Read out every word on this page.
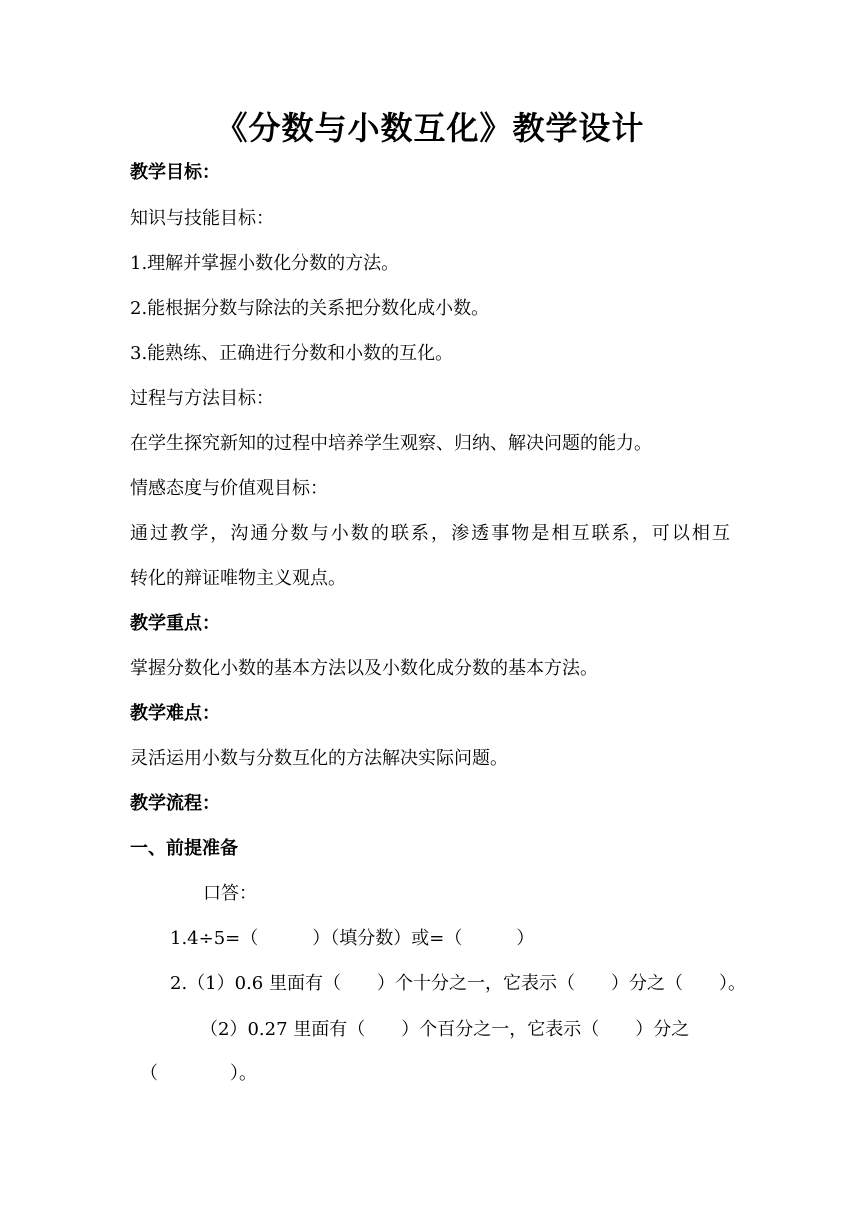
《分数与小数互化》教学设计
教学目标：
知识与技能目标：
1.理解并掌握小数化分数的方法。
2.能根据分数与除法的关系把分数化成小数。
3.能熟练、正确进行分数和小数的互化。
过程与方法目标：
在学生探究新知的过程中培养学生观察、归纳、解决问题的能力。
情感态度与价值观目标：
通过教学，沟通分数与小数的联系，渗透事物是相互联系，可以相互
转化的辩证唯物主义观点。
教学重点：
掌握分数化小数的基本方法以及小数化成分数的基本方法。
教学难点：
灵活运用小数与分数互化的方法解决实际问题。
教学流程：
一、前提准备
口答：
1.4÷5=（　　　）（填分数）或=（　　　）
2.（1）0.6 里面有（　　）个十分之一，它表示（　　）分之（　　）。
（2）0.27 里面有（　　）个百分之一，它表示（　　）分之
（　　　　）。
